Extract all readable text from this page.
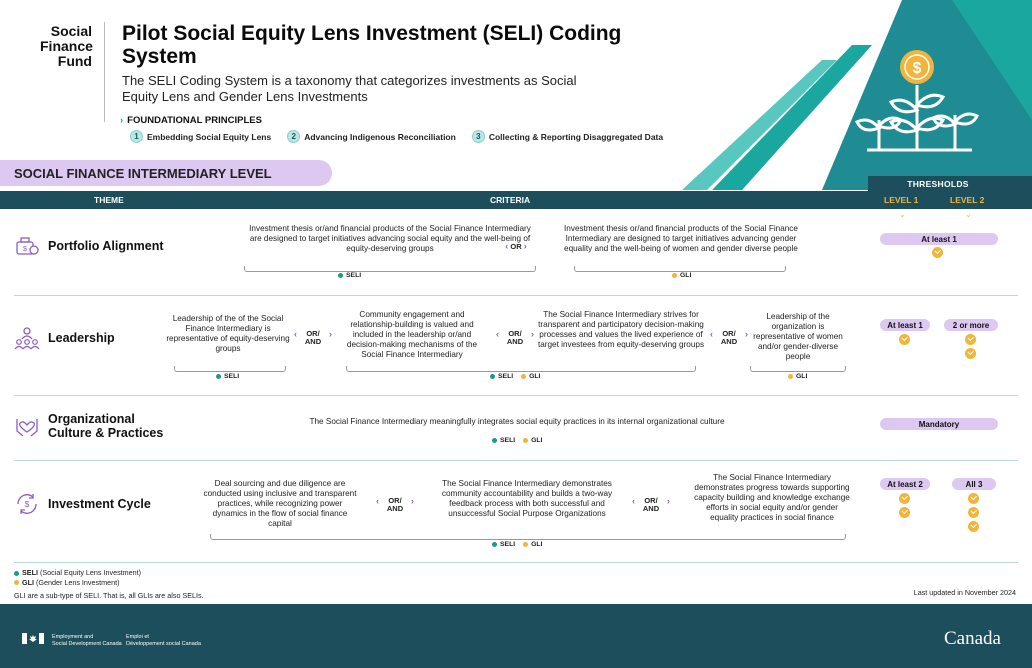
Social
Finance
Fund
Pilot Social Equity Lens Investment (SELI) Coding System
The SELI Coding System is a taxonomy that categorizes investments as Social Equity Lens and Gender Lens Investments
› FOUNDATIONAL PRINCIPLES
1 Embedding Social Equity Lens	2 Advancing Indigenous Reconciliation	3 Collecting & Reporting Disaggregated Data
$
SOCIAL FINANCE INTERMEDIARY LEVEL
THRESHOLDS
THEME	CRITERIA	LEVEL 1	LEVEL 2
⌄	⌄
$ Portfolio Alignment
Investment thesis or/and financial products of the Social Finance Intermediary are designed to target initiatives advancing social equity and the well-being of equity-deserving groups
SELI
‹ OR ›
Investment thesis or/and financial products of the Social Finance Intermediary are designed to target initiatives advancing gender equality and the well-being of women and gender diverse people
GLI
At least 1
Leadership
Leadership of the of the Social Finance Intermediary is representative of equity-deserving groups
SELI
‹	›
OR/ AND
Community engagement and relationship-building is valued and included in the leadership or/and decision-making mechanisms of the Social Finance Intermediary
‹	›
OR/ AND
The Social Finance Intermediary strives for transparent and participatory decision-making processes and values the lived experience of target investees from equity-deserving groups
SELI	GLI
‹	›
OR/ AND
Leadership of the organization is representative of women and/or gender-diverse people
GLI
At least 1	2 or more
Organizational
Culture & Practices
The Social Finance Intermediary meaningfully integrates social equity practices in its internal organizational culture
SELI	GLI
Mandatory
$ Investment Cycle
Deal sourcing and due diligence are conducted using inclusive and transparent practices, while recognizing power dynamics in the flow of social finance capital
‹	›
OR/ AND
The Social Finance Intermediary demonstrates community accountability and builds a two-way feedback process with both successful and unsuccessful Social Purpose Organizations
‹	›
OR/ AND
The Social Finance Intermediary demonstrates progress towards supporting capacity building and knowledge exchange efforts in social equity and/or gender equality practices in social finance
SELI	GLI
At least 2	All 3
SELI (Social Equity Lens Investment)
GLI (Gender Lens Investment)
GLI are a sub-type of SELI. That is, all GLIs are also SELIs.	Last updated in November 2024
Employment and
Social Development Canada
Emploi et
Développement social Canada	Canada
